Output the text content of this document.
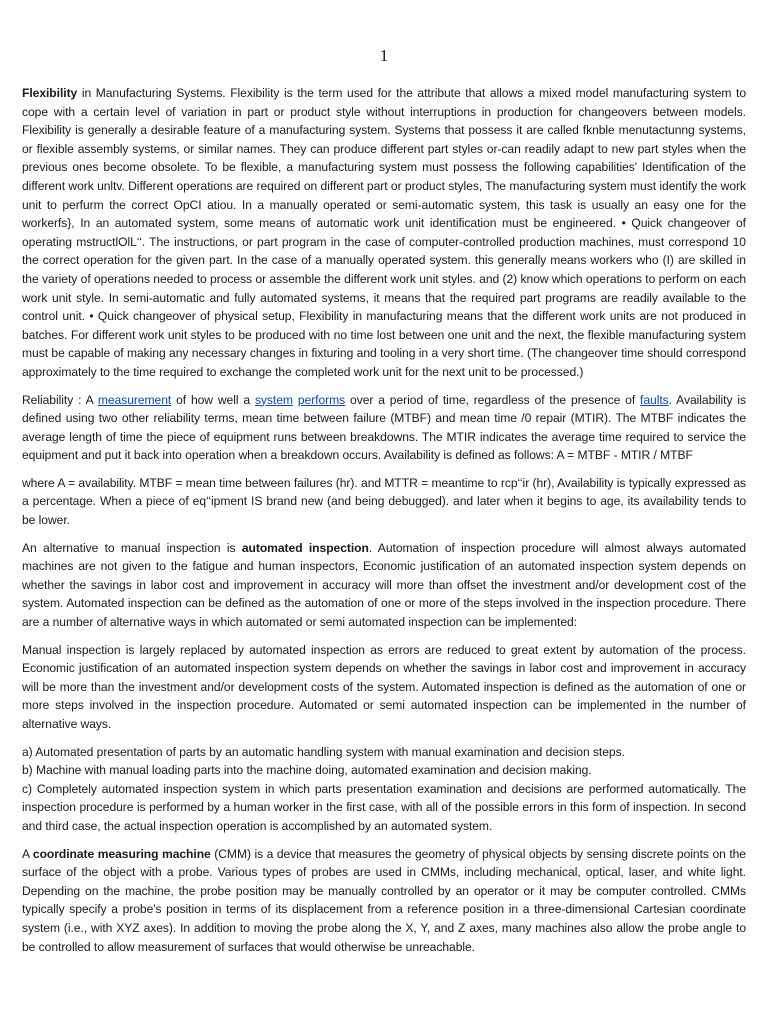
1

Flexibility in Manufacturing Systems. Flexibility is the term used for the attribute that allows a mixed model manufacturing system to cope with a certain level of variation in part or product style without interruptions in production for changeovers between models. Flexibility is generally a desirable feature of a manufacturing system. Systems that possess it are called fknble menutactunng systems, or flexible assembly systems, or similar names. They can produce different part styles or-can readily adapt to new part styles when the previous ones become obsolete. To be flexible, a manufacturing system must possess the following capabilities' Identification of the different work unltv. Different operations are required on different part or product styles, The manufacturing system must identify the work unit to perfurm the correct OpCI atiou. In a manually operated or semi-automatic system, this task is usually an easy one for the workerfs}, In an automated system, some means of automatic work unit identification must be engineered. • Quick changeover of operating mstructlOlL‘‘. The instructions, or part program in the case of computer-controlled production machines, must correspond 10 the correct operation for the given part. In the case of a manually operated system. this generally means workers who (I) are skilled in the variety of operations needed to process or assemble the different work unit styles. and (2) know which operations to perform on each work unit style. In semi-automatic and fully automated systems, it means that the required part programs are readily available to the control unit. • Quick changeover of physical setup, Flexibility in manufacturing means that the different work units are not produced in batches. For different work unit styles to be produced with no time lost between one unit and the next, the flexible manufacturing system must be capable of making any necessary changes in fixturing and tooling in a very short time. (The changeover time should correspond approximately to the time required to exchange the completed work unit for the next unit to be processed.)

Reliability : A measurement of how well a system performs over a period of time, regardless of the presence of faults. Availability is defined using two other reliability terms, mean time between failure (MTBF) and mean time /0 repair (MTIR). The MTBF indicates the average length of time the piece of equipment runs between breakdowns. The MTIR indicates the average time required to service the equipment and put it back into operation when a breakdown occurs. Availability is defined as follows: A = MTBF - MTIR / MTBF

where A = availability. MTBF = mean time between failures (hr). and MTTR = meantime to rcp‘‘ir (hr), Availability is typically expressed as a percentage. When a piece of eq‘‘ipment IS brand new (and being debugged). and later when it begins to age, its availability tends to be lower.

An alternative to manual inspection is automated inspection. Automation of inspection procedure will almost always automated machines are not given to the fatigue and human inspectors, Economic justification of an automated inspection system depends on whether the savings in labor cost and improvement in accuracy will more than offset the investment and/or development cost of the system. Automated inspection can be defined as the automation of one or more of the steps involved in the inspection procedure. There are a number of alternative ways in which automated or semi automated inspection can be implemented:

Manual inspection is largely replaced by automated inspection as errors are reduced to great extent by automation of the process. Economic justification of an automated inspection system depends on whether the savings in labor cost and improvement in accuracy will be more than the investment and/or development costs of the system. Automated inspection is defined as the automation of one or more steps involved in the inspection procedure. Automated or semi automated inspection can be implemented in the number of alternative ways.

a) Automated presentation of parts by an automatic handling system with manual examination and decision steps.

b) Machine with manual loading parts into the machine doing, automated examination and decision making.

c) Completely automated inspection system in which parts presentation examination and decisions are performed automatically. The inspection procedure is performed by a human worker in the first case, with all of the possible errors in this form of inspection. In second and third case, the actual inspection operation is accomplished by an automated system.

A coordinate measuring machine (CMM) is a device that measures the geometry of physical objects by sensing discrete points on the surface of the object with a probe. Various types of probes are used in CMMs, including mechanical, optical, laser, and white light. Depending on the machine, the probe position may be manually controlled by an operator or it may be computer controlled. CMMs typically specify a probe's position in terms of its displacement from a reference position in a three-dimensional Cartesian coordinate system (i.e., with XYZ axes). In addition to moving the probe along the X, Y, and Z axes, many machines also allow the probe angle to be controlled to allow measurement of surfaces that would otherwise be unreachable.
